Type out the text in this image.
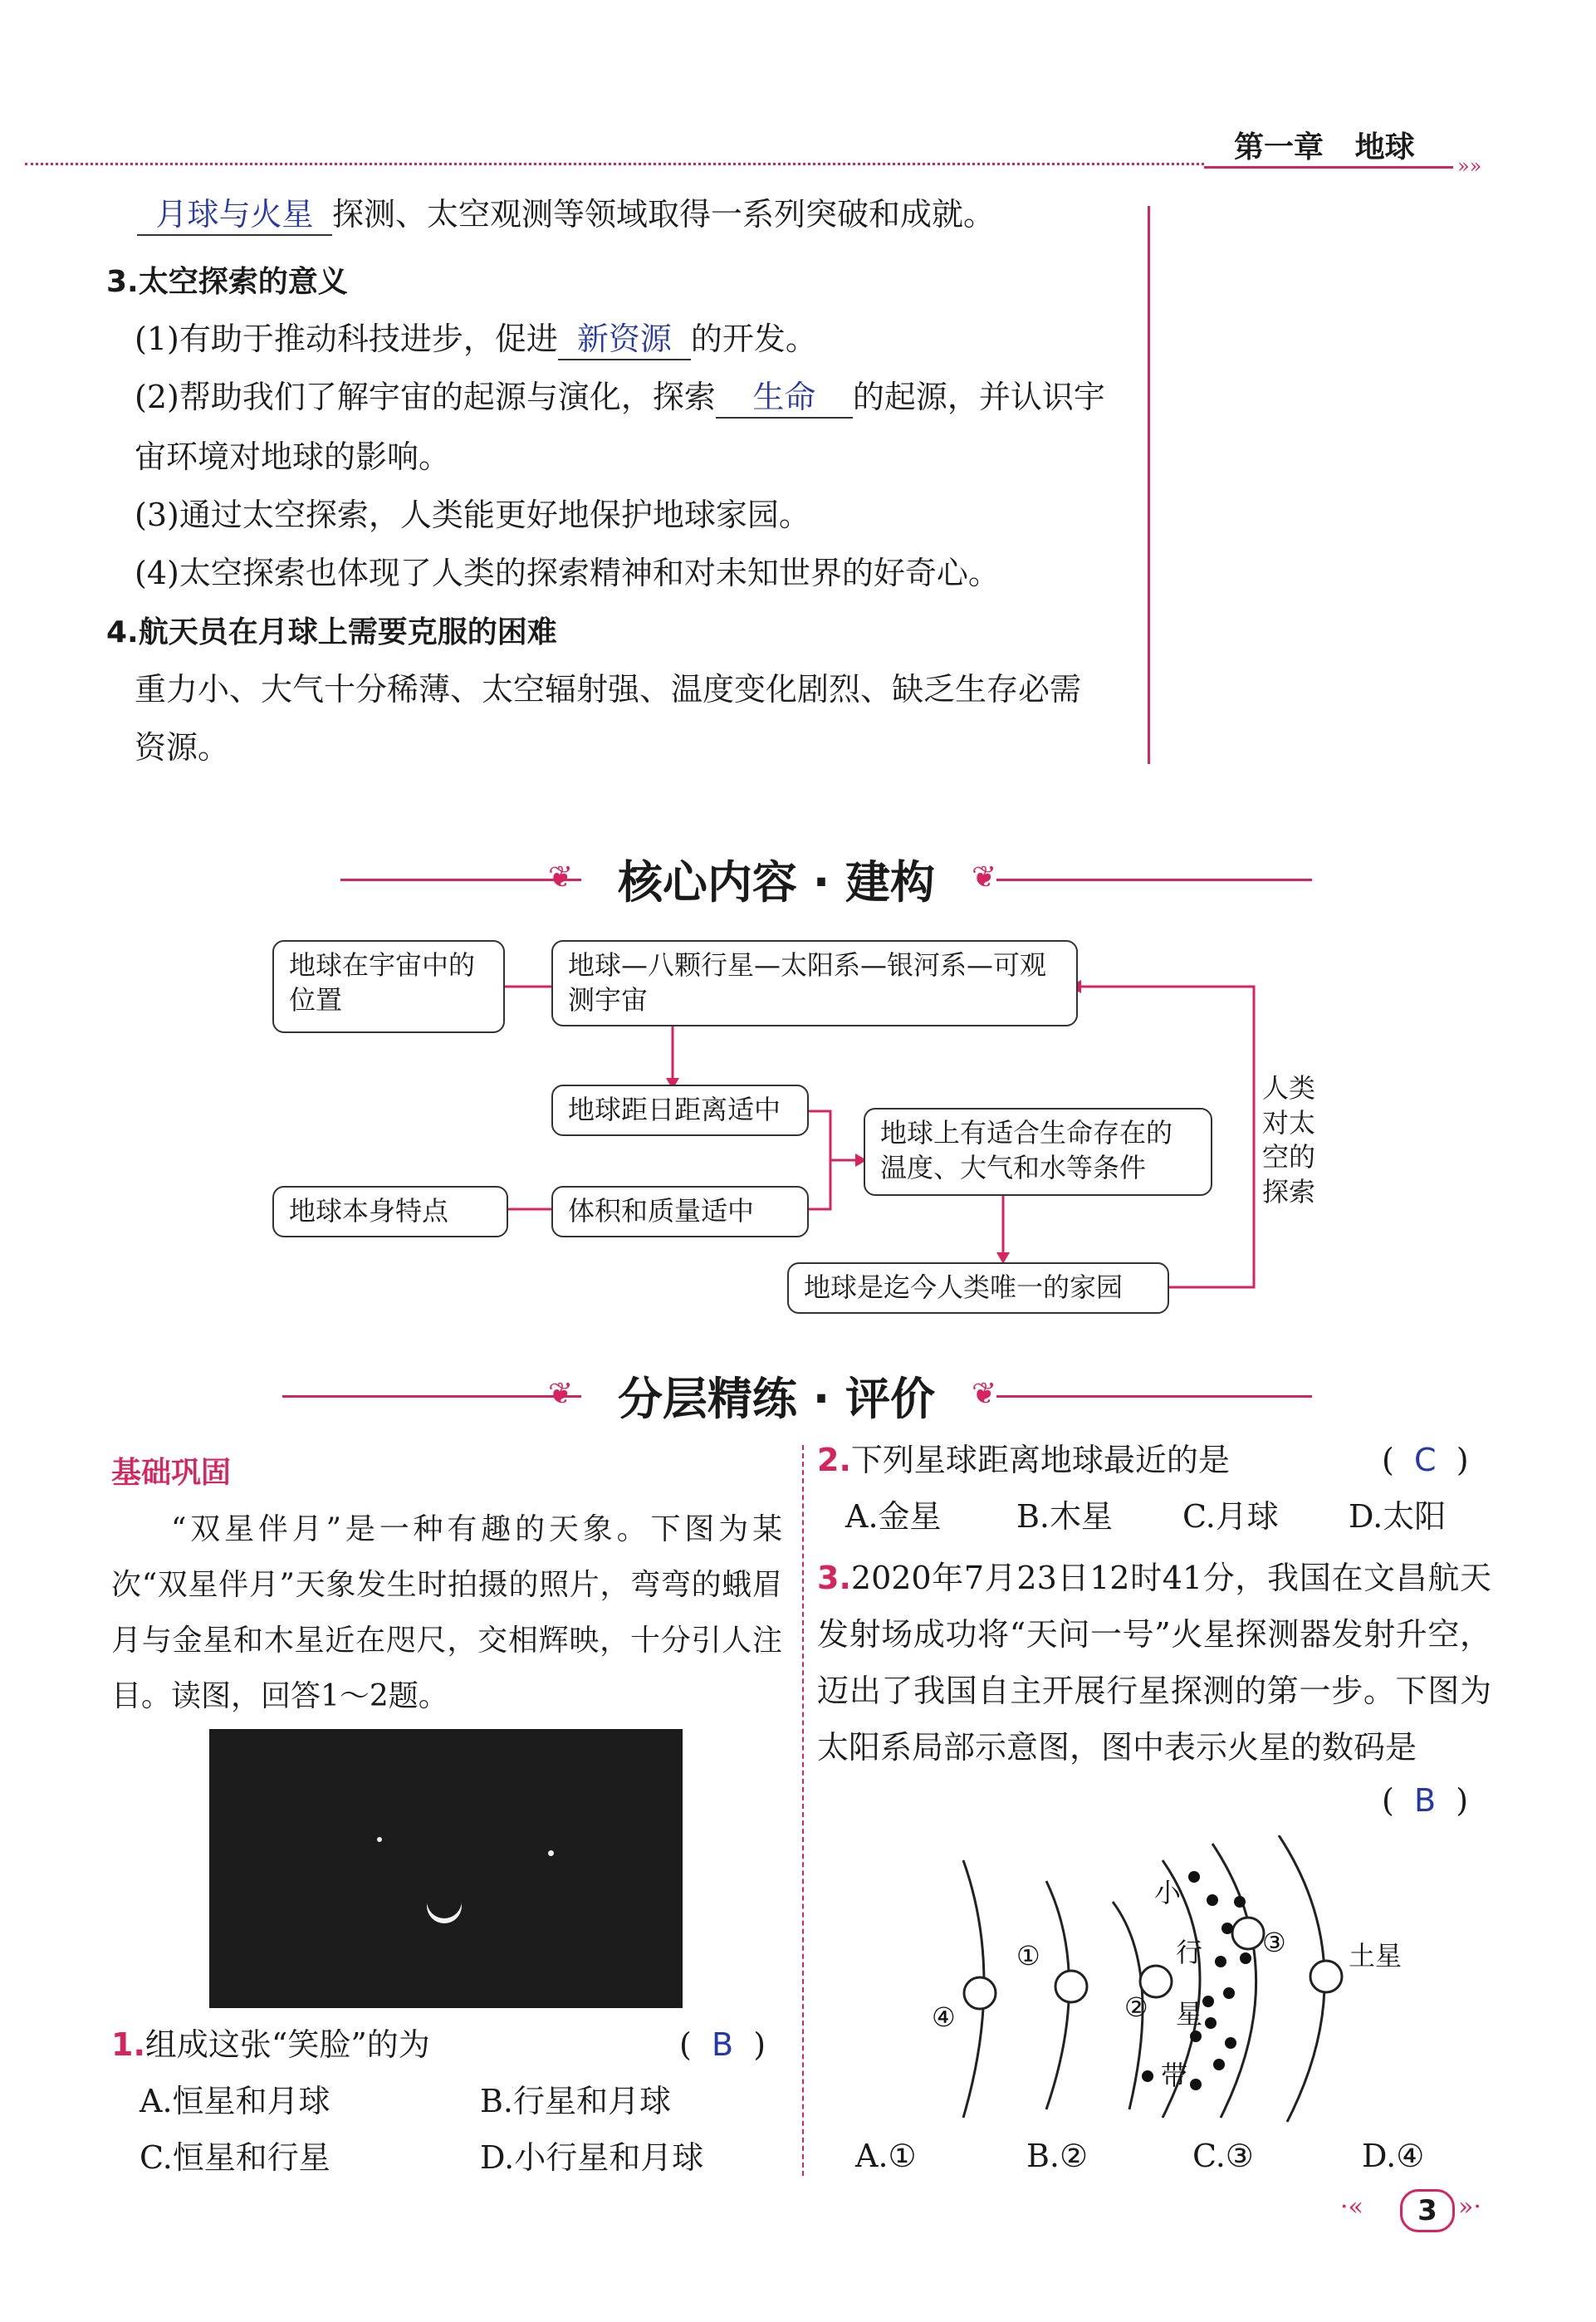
第一章 地球
»»
月球与火星 探测、太空观测等领域取得一系列突破和成就。
3.太空探索的意义
(1)有助于推动科技进步，促进 新资源 的开发。
(2)帮助我们了解宇宙的起源与演化，探索 生命 的起源，并认识宇
宙环境对地球的影响。
(3)通过太空探索，人类能更好地保护地球家园。
(4)太空探索也体现了人类的探索精神和对未知世界的好奇心。
4.航天员在月球上需要克服的困难
重力小、大气十分稀薄、太空辐射强、温度变化剧烈、缺乏生存必需
资源。
❦	❦
核心内容 · 建构
地球在宇宙中的位置
地球—八颗行星—太阳系—银河系—可观测宇宙
地球距日距离适中
地球上有适合生命存在的温度、大气和水等条件
地球本身特点	体积和质量适中
地球是迄今人类唯一的家园
人类对太空的探索
❦	❦
分层精练 · 评价
基础巩固
“双星伴月”是一种有趣的天象。下图为某次“双星伴月”天象发生时拍摄的照片，弯弯的蛾眉月与金星和木星近在咫尺，交相辉映，十分引人注目。读图，回答1～2题。
1.组成这张“笑脸”的为	(  B  )
A.恒星和月球	B.行星和月球
C.恒星和行星	D.小行星和月球
2.下列星球距离地球最近的是	(  C  )
A.金星 B.木星 C.月球 D.太阳
3.2020年7月23日12时41分，我国在文昌航天发射场成功将“天问一号”火星探测器发射升空，迈出了我国自主开展行星探测的第一步。下图为太阳系局部示意图，图中表示火星的数码是
(  B  )
①
②
③
④
土星
小
行
星
带
A.①	B.②	C.③	D.④
·«	3 »·
